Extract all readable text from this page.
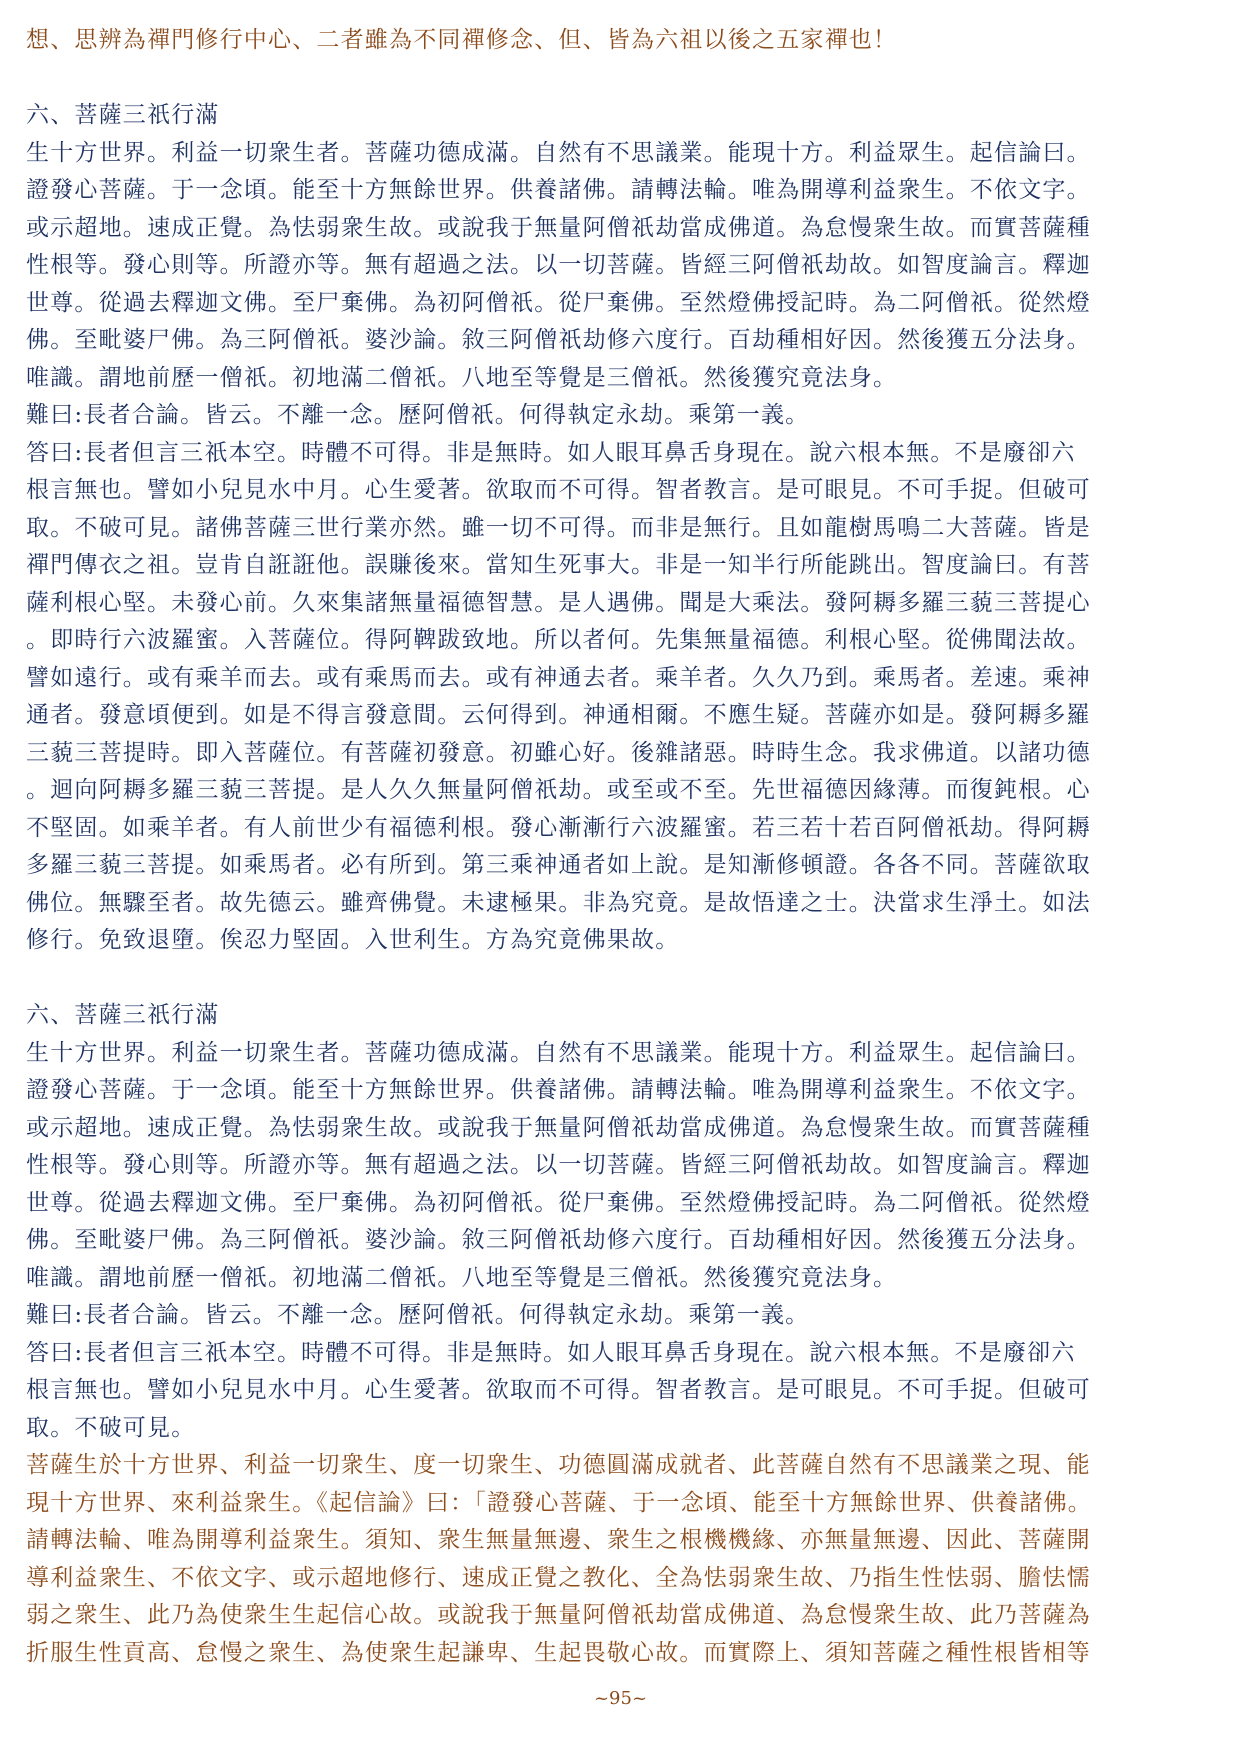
想、思辨為禪門修行中心、二者雖為不同禪修念、但、皆為六祖以後之五家禪也！
六、菩薩三祇行滿
生十方世界。利益一切衆生者。菩薩功德成滿。自然有不思議業。能現十方。利益眾生。起信論曰。
證發心菩薩。于一念頃。能至十方無餘世界。供養諸佛。請轉法輪。唯為開導利益衆生。不依文字。
或示超地。速成正覺。為怯弱衆生故。或說我于無量阿僧祇劫當成佛道。為怠慢衆生故。而實菩薩種
性根等。發心則等。所證亦等。無有超過之法。以一切菩薩。皆經三阿僧祇劫故。如智度論言。釋迦
世尊。從過去釋迦文佛。至尸棄佛。為初阿僧祇。從尸棄佛。至然燈佛授記時。為二阿僧祇。從然燈
佛。至毗婆尸佛。為三阿僧祇。婆沙論。敘三阿僧祇劫修六度行。百劫種相好因。然後獲五分法身。
唯識。謂地前歷一僧祇。初地滿二僧祇。八地至等覺是三僧祇。然後獲究竟法身。
難曰:長者合論。皆云。不離一念。歷阿僧祇。何得執定永劫。乘第一義。
答曰:長者但言三祇本空。時體不可得。非是無時。如人眼耳鼻舌身現在。說六根本無。不是廢卻六
根言無也。譬如小兒見水中月。心生愛著。欲取而不可得。智者教言。是可眼見。不可手捉。但破可
取。不破可見。諸佛菩薩三世行業亦然。雖一切不可得。而非是無行。且如龍樹馬鳴二大菩薩。皆是
禪門傳衣之祖。豈肯自誑誑他。誤賺後來。當知生死事大。非是一知半行所能跳出。智度論曰。有菩
薩利根心堅。未發心前。久來集諸無量福德智慧。是人遇佛。聞是大乘法。發阿耨多羅三藐三菩提心
。即時行六波羅蜜。入菩薩位。得阿鞞跋致地。所以者何。先集無量福德。利根心堅。從佛聞法故。
譬如遠行。或有乘羊而去。或有乘馬而去。或有神通去者。乘羊者。久久乃到。乘馬者。差速。乘神
通者。發意頃便到。如是不得言發意間。云何得到。神通相爾。不應生疑。菩薩亦如是。發阿耨多羅
三藐三菩提時。即入菩薩位。有菩薩初發意。初雖心好。後雜諸惡。時時生念。我求佛道。以諸功德
。迴向阿耨多羅三藐三菩提。是人久久無量阿僧祇劫。或至或不至。先世福德因緣薄。而復鈍根。心
不堅固。如乘羊者。有人前世少有福德利根。發心漸漸行六波羅蜜。若三若十若百阿僧祇劫。得阿耨
多羅三藐三菩提。如乘馬者。必有所到。第三乘神通者如上說。是知漸修頓證。各各不同。菩薩欲取
佛位。無驟至者。故先德云。雖齊佛覺。未逮極果。非為究竟。是故悟達之士。決當求生淨土。如法
修行。免致退墮。俟忍力堅固。入世利生。方為究竟佛果故。
六、菩薩三祇行滿
生十方世界。利益一切衆生者。菩薩功德成滿。自然有不思議業。能現十方。利益眾生。起信論曰。
證發心菩薩。于一念頃。能至十方無餘世界。供養諸佛。請轉法輪。唯為開導利益衆生。不依文字。
或示超地。速成正覺。為怯弱衆生故。或說我于無量阿僧祇劫當成佛道。為怠慢衆生故。而實菩薩種
性根等。發心則等。所證亦等。無有超過之法。以一切菩薩。皆經三阿僧祇劫故。如智度論言。釋迦
世尊。從過去釋迦文佛。至尸棄佛。為初阿僧祇。從尸棄佛。至然燈佛授記時。為二阿僧祇。從然燈
佛。至毗婆尸佛。為三阿僧祇。婆沙論。敘三阿僧祇劫修六度行。百劫種相好因。然後獲五分法身。
唯識。謂地前歷一僧祇。初地滿二僧祇。八地至等覺是三僧祇。然後獲究竟法身。
難曰:長者合論。皆云。不離一念。歷阿僧祇。何得執定永劫。乘第一義。
答曰:長者但言三祇本空。時體不可得。非是無時。如人眼耳鼻舌身現在。說六根本無。不是廢卻六
根言無也。譬如小兒見水中月。心生愛著。欲取而不可得。智者教言。是可眼見。不可手捉。但破可
取。不破可見。
菩薩生於十方世界、利益一切衆生、度一切衆生、功德圓滿成就者、此菩薩自然有不思議業之現、能
現十方世界、來利益衆生。《起信論》曰：「證發心菩薩、于一念頃、能至十方無餘世界、供養諸佛。
請轉法輪、唯為開導利益衆生。須知、衆生無量無邊、衆生之根機機緣、亦無量無邊、因此、菩薩開
導利益衆生、不依文字、或示超地修行、速成正覺之教化、全為怯弱衆生故、乃指生性怯弱、膽怯懦
弱之衆生、此乃為使衆生生起信心故。或說我于無量阿僧祇劫當成佛道、為怠慢衆生故、此乃菩薩為
折服生性貢高、怠慢之衆生、為使衆生起謙卑、生起畏敬心故。而實際上、須知菩薩之種性根皆相等
~95~
